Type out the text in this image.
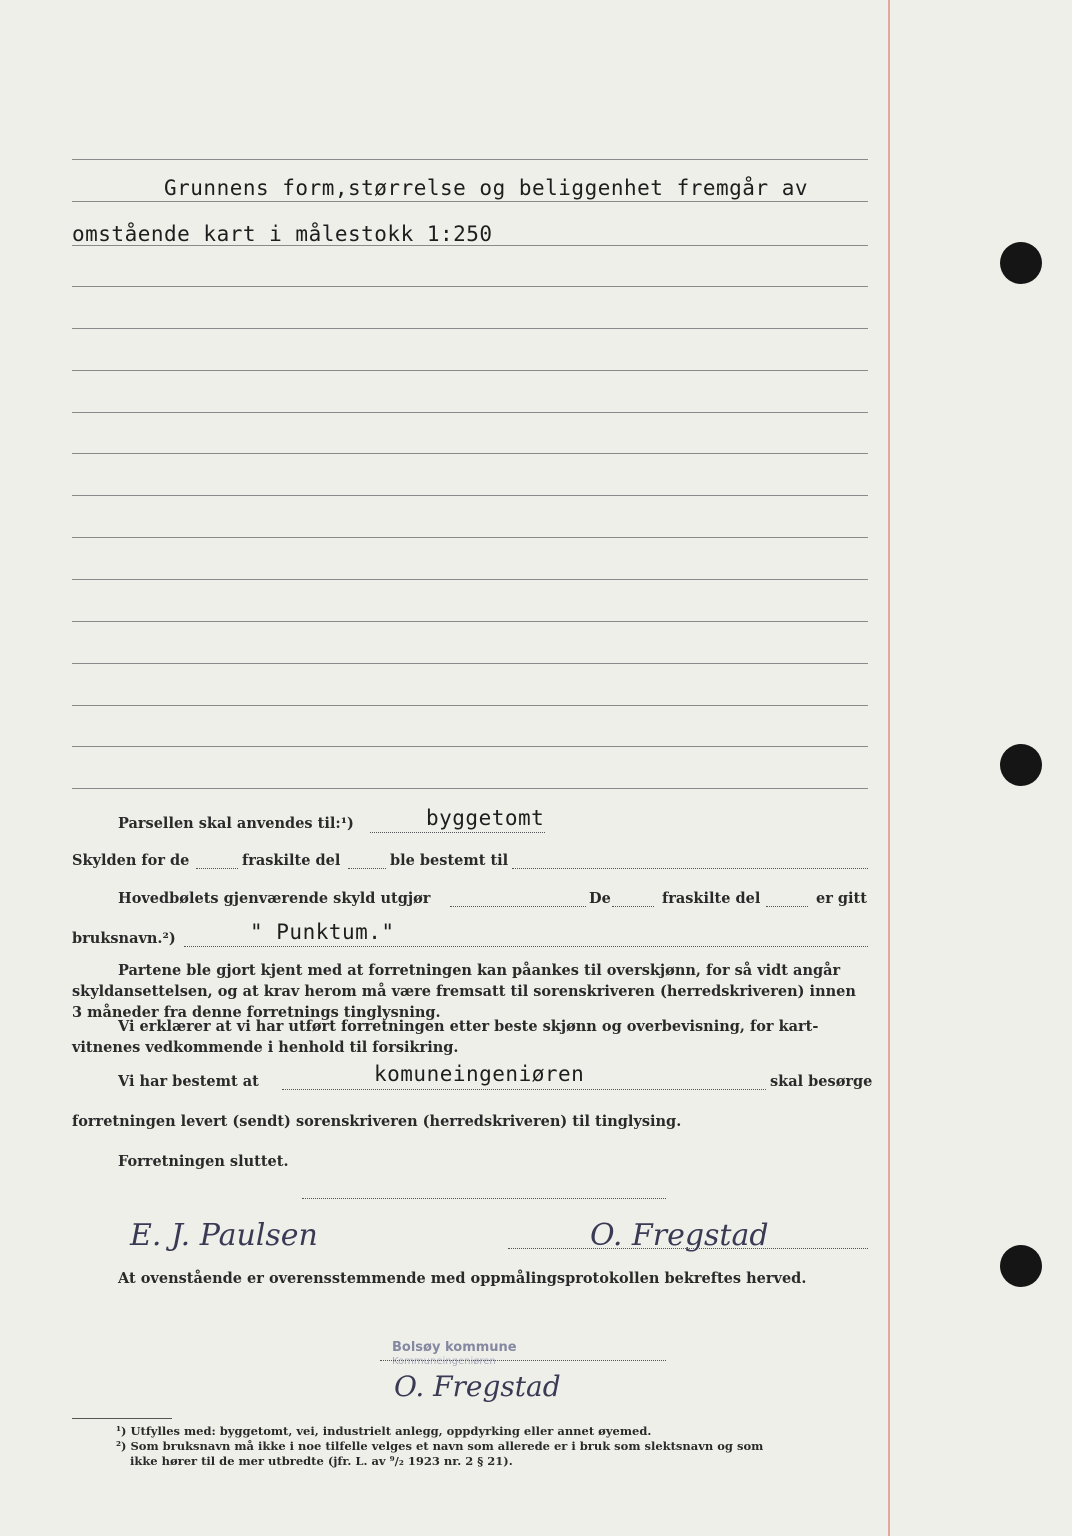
Grunnens form,størrelse og beliggenhet fremgår av
omstående kart i målestokk 1:250
Parsellen skal anvendes til:¹)	byggetomt
Skylden for de	fraskilte del	ble bestemt til
Hovedbølets gjenværende skyld utgjør	De	fraskilte del	er gitt
bruksnavn.²)	" Punktum."
Partene ble gjort kjent med at forretningen kan påankes til overskjønn, for så vidt angår
skyldansettelsen, og at krav herom må være fremsatt til sorenskriveren (herredskriveren) innen
3 måneder fra denne forretnings tinglysning.
Vi erklærer at vi har utført forretningen etter beste skjønn og overbevisning, for kart-
vitnenes vedkommende i henhold til forsikring.
Vi har bestemt at	komuneingeniøren	skal besørge
forretningen levert (sendt) sorenskriveren (herredskriveren) til tinglysing.
Forretningen sluttet.
E. J. Paulsen	O. Fregstad
At ovenstående er overensstemmende med oppmålingsprotokollen bekreftes herved.
Bolsøy kommune
Kommuneingeniøren
O. Fregstad
¹) Utfylles med: byggetomt, vei, industrielt anlegg, oppdyrking eller annet øyemed.
²) Som bruksnavn må ikke i noe tilfelle velges et navn som allerede er i bruk som slektsnavn og som
ikke hører til de mer utbredte (jfr. L. av ⁹/₂ 1923 nr. 2 § 21).
